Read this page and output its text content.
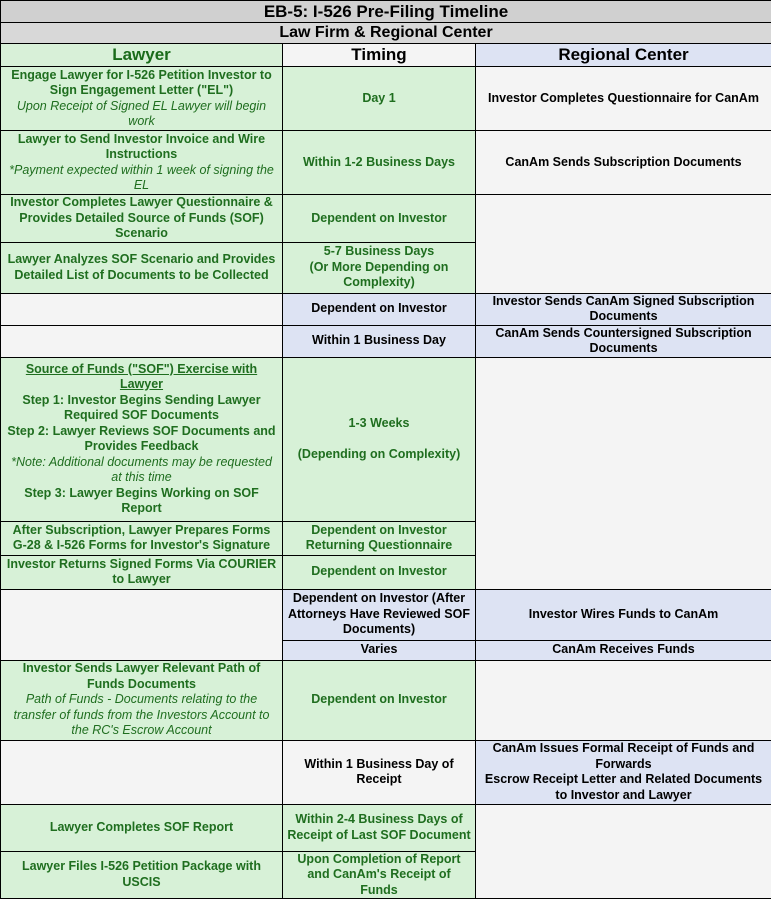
EB-5: I-526 Pre-Filing Timeline		
Law Firm & Regional Center		
Lawyer	Timing	Regional Center

Engage Lawyer for I-526 Petition Investor to Sign Engagement Letter ("EL")
Upon Receipt of Signed EL Lawyer will begin work	Day 1	Investor Completes Questionnaire for CanAm

Lawyer to Send Investor Invoice and Wire Instructions
*Payment expected within 1 week of signing the EL	Within 1-2 Business Days	CanAm Sends Subscription Documents
Investor Completes Lawyer Questionnaire & Provides Detailed Source of Funds (SOF) Scenario	Dependent on Investor	

Lawyer Analyzes SOF Scenario and Provides
Detailed List of Documents to be Collected	5-7 Business Days
(Or More Depending on Complexity)	

	Dependent on Investor	Investor Sends CanAm Signed Subscription Documents
	Within 1 Business Day	CanAm Sends Countersigned Subscription Documents

Source of Funds ("SOF") Exercise with Lawyer
Step 1: Investor Begins Sending Lawyer Required SOF Documents
Step 2: Lawyer Reviews SOF Documents and Provides Feedback
*Note: Additional documents may be requested at this time
Step 3: Lawyer Begins Working on SOF Report	1-3 Weeks
(Depending on Complexity)	

After Subscription, Lawyer Prepares Forms G-28 & I-526 Forms for Investor's Signature	Dependent on Investor Returning Questionnaire	
Investor Returns Signed Forms Via COURIER to Lawyer	Dependent on Investor	
	Dependent on Investor (After Attorneys Have Reviewed SOF Documents)	Investor Wires Funds to CanAm
	Varies	CanAm Receives Funds

Investor Sends Lawyer Relevant Path of Funds Documents
Path of Funds - Documents relating to the transfer of funds from the Investors Account to the RC's Escrow Account	Dependent on Investor	
	Within 1 Business Day of Receipt	CanAm Issues Formal Receipt of Funds and Forwards
Escrow Receipt Letter and Related Documents to Investor and Lawyer

Lawyer Completes SOF Report	Within 2-4 Business Days of Receipt of Last SOF Document	
Lawyer Files I-526 Petition Package with USCIS	Upon Completion of Report and CanAm's Receipt of Funds	
